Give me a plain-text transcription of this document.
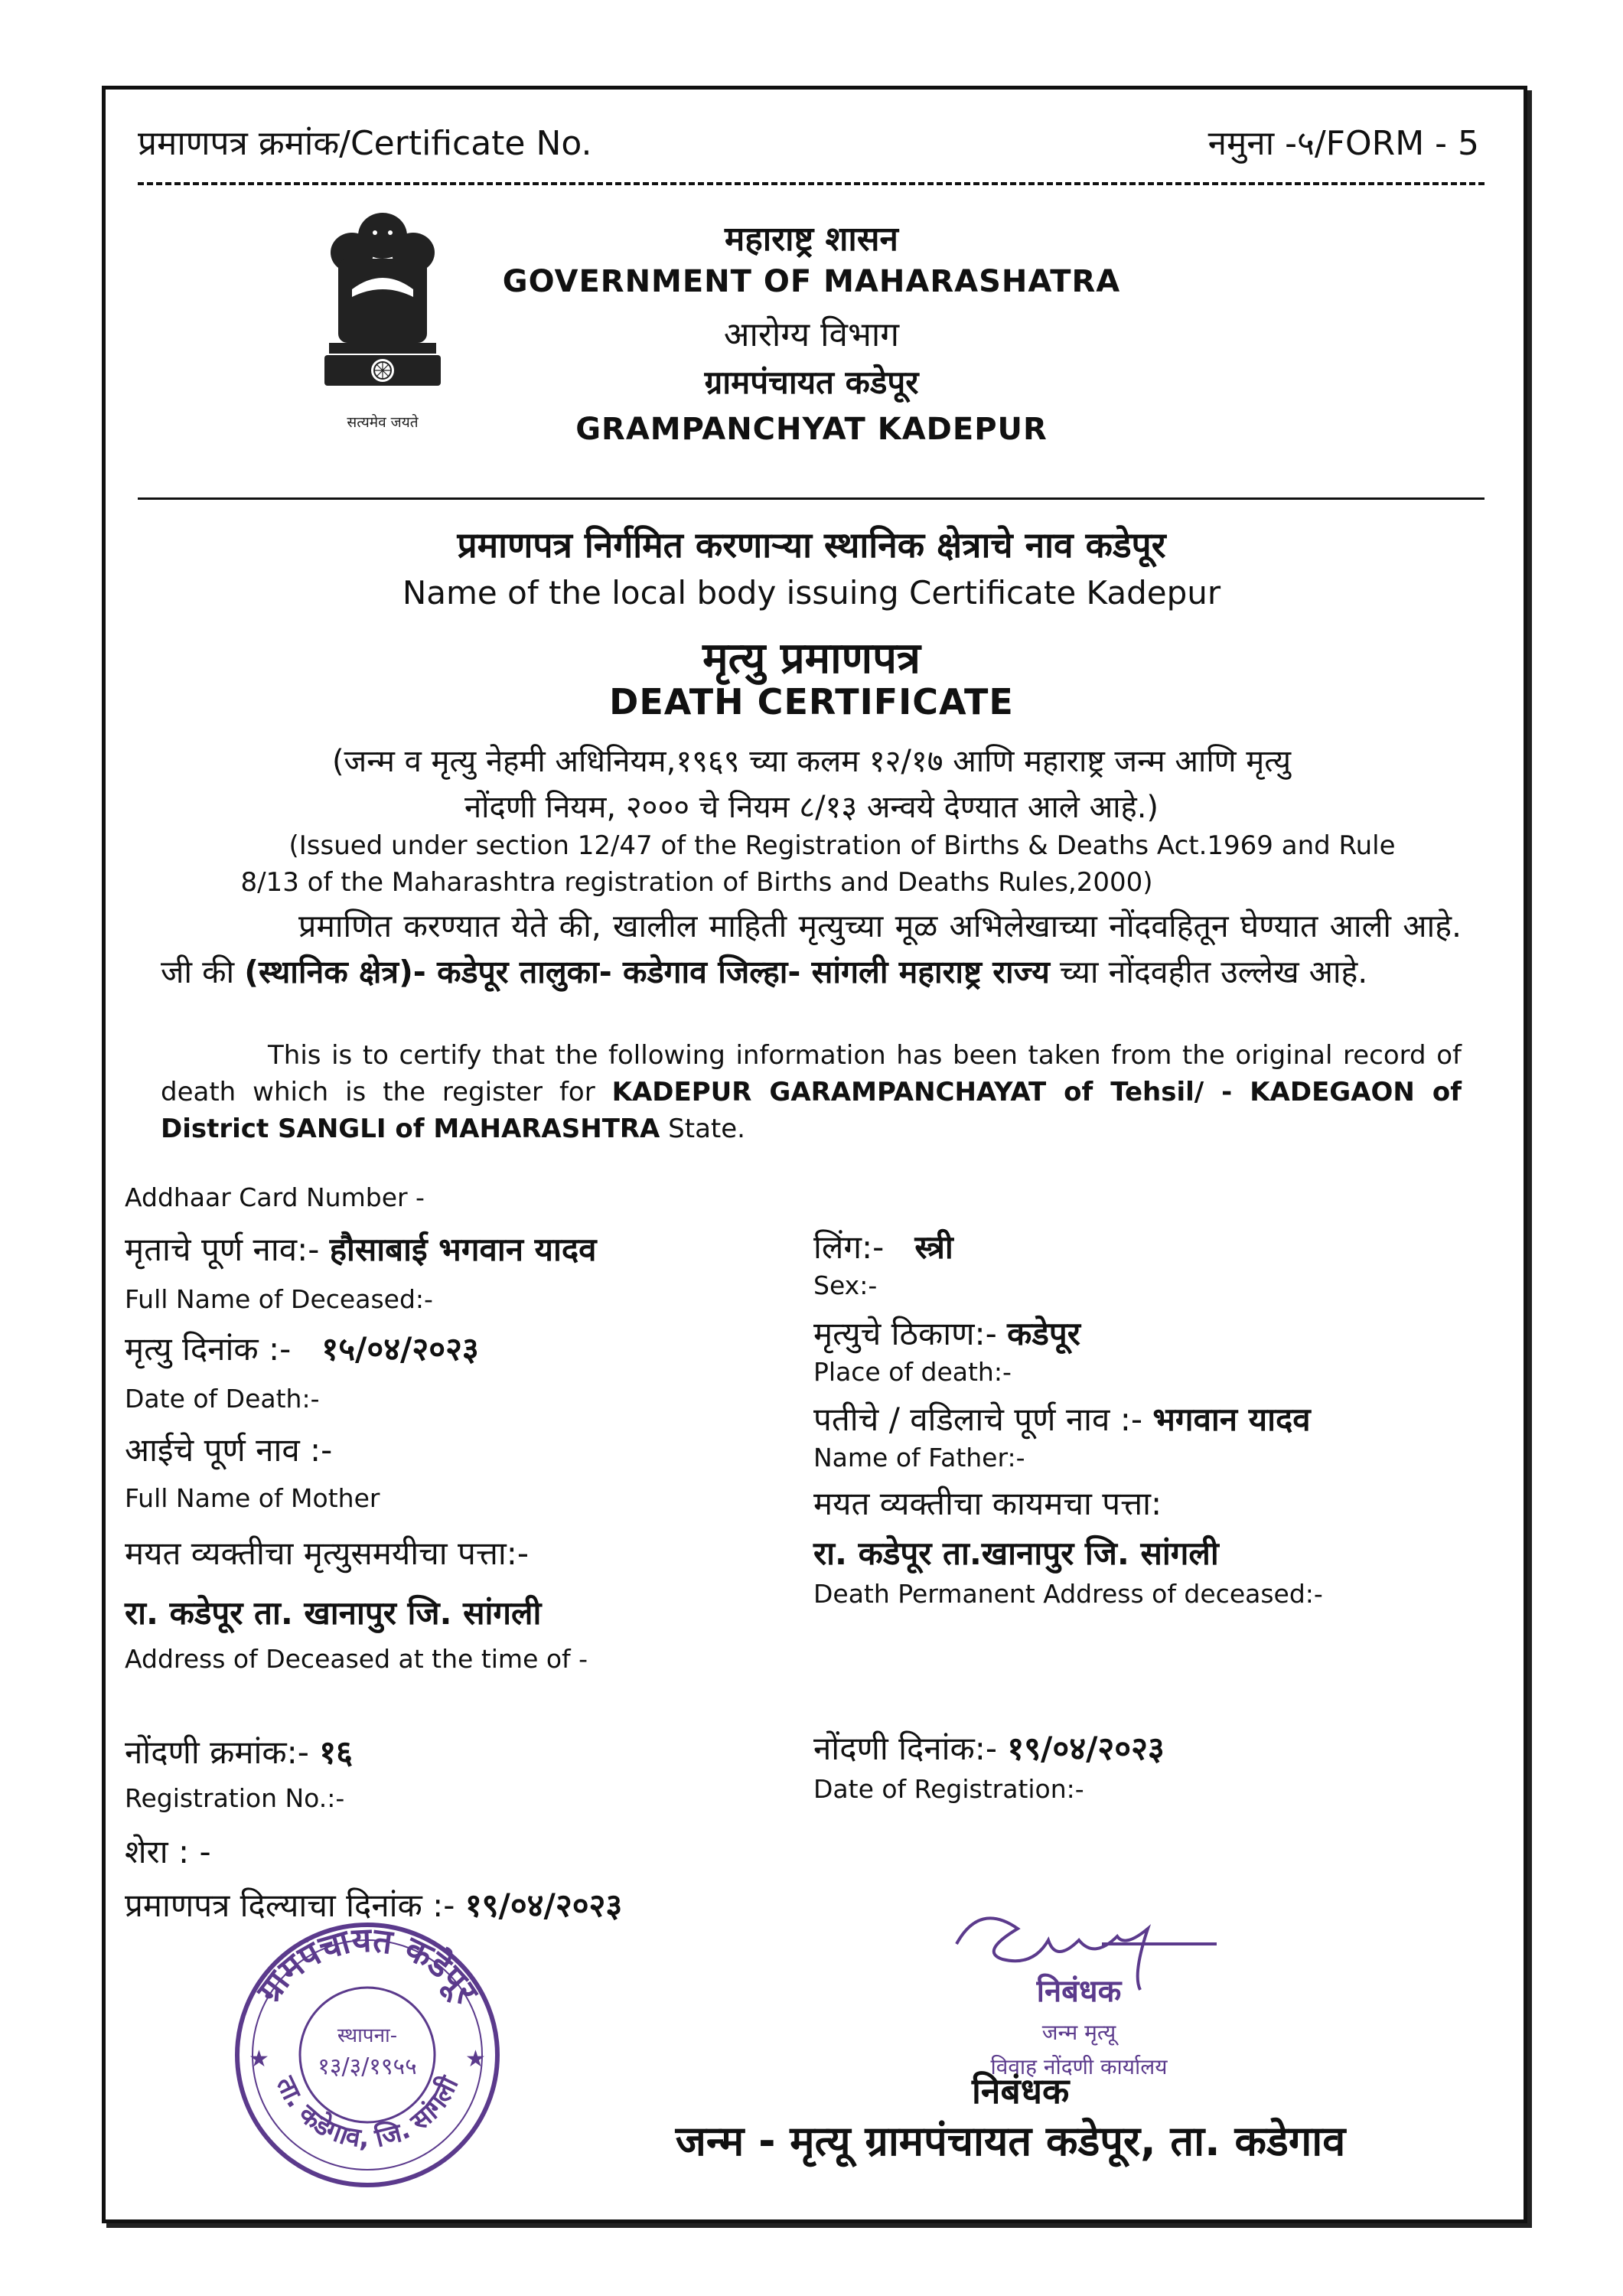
प्रमाणपत्र क्रमांक/Certificate No.	नमुना -५/FORM - 5
सत्यमेव जयते
महाराष्ट्र शासन
GOVERNMENT OF MAHARASHATRA
आरोग्य विभाग
ग्रामपंचायत कडेपूर
GRAMPANCHYAT KADEPUR
प्रमाणपत्र निर्गमित करणाऱ्या स्थानिक क्षेत्राचे नाव कडेपूर
Name of the local body issuing Certificate Kadepur
मृत्यु प्रमाणपत्र
DEATH CERTIFICATE
(जन्म व मृत्यु नेहमी अधिनियम,१९६९ च्या कलम १२/१७ आणि महाराष्ट्र जन्म आणि मृत्यु
नोंदणी नियम, २००० चे नियम ८/१३ अन्वये देण्यात आले आहे.)
(Issued under section 12/47 of the Registration of Births & Deaths Act.1969 and Rule
8/13 of the Maharashtra registration of Births and Deaths Rules,2000)
प्रमाणित करण्यात येते की, खालील माहिती मृत्युच्या मूळ अभिलेखाच्या नोंदवहितून घेण्यात आली आहे. जी की (स्थानिक क्षेत्र)- कडेपूर तालुका- कडेगाव जिल्हा- सांगली महाराष्ट्र राज्य च्या नोंदवहीत उल्लेख आहे.
This is to certify that the following information has been taken from the original record of death which is the register for KADEPUR GARAMPANCHAYAT of Tehsil/ - KADEGAON of District SANGLI of MAHARASHTRA State.
Addhaar Card Number -
मृताचे पूर्ण नाव:- हौसाबाई भगवान यादव
Full Name of Deceased:-
लिंग:- स्त्री
Sex:-
मृत्यु दिनांक :- १५/०४/२०२३
Date of Death:-
मृत्युचे ठिकाण:- कडेपूर
Place of death:-
आईचे पूर्ण नाव :-
Full Name of Mother
पतीचे / वडिलाचे पूर्ण नाव :- भगवान यादव
Name of Father:-
मयत व्यक्तीचा कायमचा पत्ता:
रा. कडेपूर ता.खानापुर जि. सांगली
Death Permanent Address of deceased:-
मयत व्यक्तीचा मृत्युसमयीचा पत्ता:-
रा. कडेपूर ता. खानापुर जि. सांगली
Address of Deceased at the time of -
नोंदणी क्रमांक:- १६
Registration No.:-
नोंदणी दिनांक:- १९/०४/२०२३
Date of Registration:-
शेरा : -
प्रमाणपत्र दिल्याचा दिनांक :- १९/०४/२०२३
ग्रामपंचायत कडेपूर
ता. कडेगाव, जि. सांगली
★	★
स्थापना-
१३/३/१९५५
निबंधक
जन्म मृत्यू
विवाह नोंदणी कार्यालय
निबंधक
जन्म - मृत्यू ग्रामपंचायत कडेपूर, ता. कडेगाव
